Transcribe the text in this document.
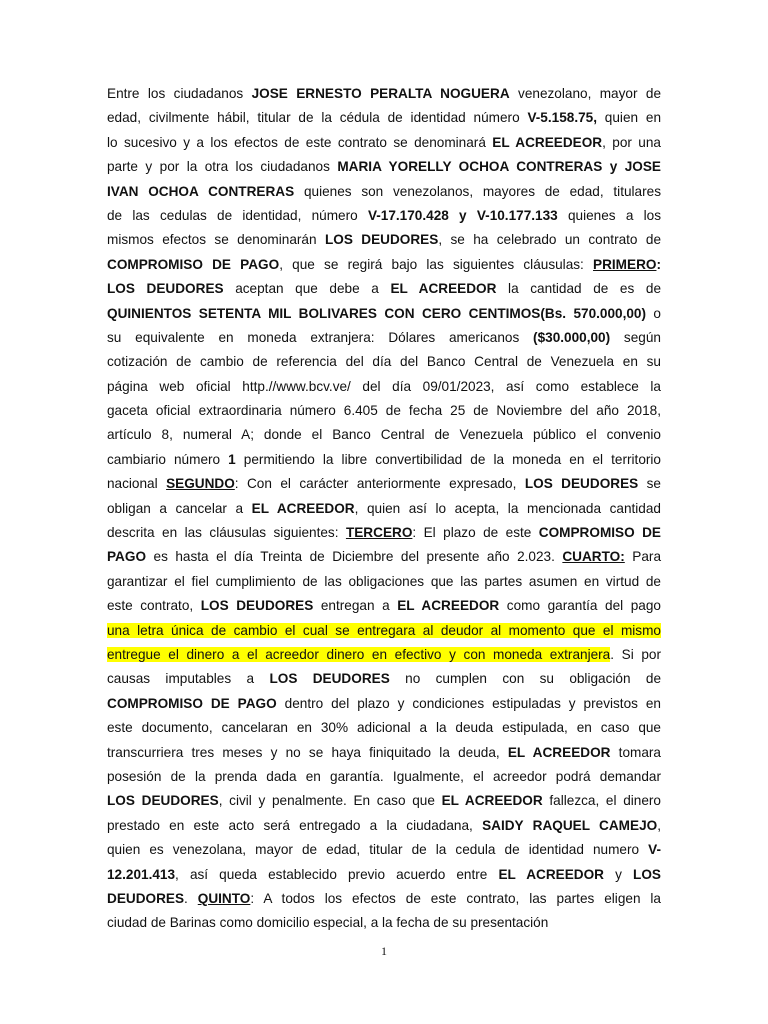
Entre los ciudadanos JOSE ERNESTO PERALTA NOGUERA venezolano, mayor de
edad, civilmente hábil, titular de la cédula de identidad número V-5.158.75, quien en
lo sucesivo y a los efectos de este contrato se denominará EL ACREEDEOR, por una
parte y por la otra los ciudadanos MARIA YORELLY OCHOA CONTRERAS y JOSE
IVAN OCHOA CONTRERAS quienes son venezolanos, mayores de edad, titulares
de las cedulas de identidad, número V-17.170.428 y V-10.177.133 quienes a los
mismos efectos se denominarán LOS DEUDORES, se ha celebrado un contrato de
COMPROMISO DE PAGO, que se regirá bajo las siguientes cláusulas: PRIMERO:
LOS DEUDORES aceptan que debe a EL ACREEDOR la cantidad de es de
QUINIENTOS SETENTA MIL BOLIVARES CON CERO CENTIMOS(Bs. 570.000,00) o
su equivalente en moneda extranjera: Dólares americanos ($30.000,00) según
cotización de cambio de referencia del día del Banco Central de Venezuela en su
página web oficial http.//www.bcv.ve/ del día 09/01/2023, así como establece la
gaceta oficial extraordinaria número 6.405 de fecha 25 de Noviembre del año 2018,
artículo 8, numeral A; donde el Banco Central de Venezuela público el convenio
cambiario número 1 permitiendo la libre convertibilidad de la moneda en el territorio
nacional SEGUNDO: Con el carácter anteriormente expresado, LOS DEUDORES se
obligan a cancelar a EL ACREEDOR, quien así lo acepta, la mencionada cantidad
descrita en las cláusulas siguientes: TERCERO: El plazo de este COMPROMISO DE
PAGO es hasta el día Treinta de Diciembre del presente año 2.023. CUARTO: Para
garantizar el fiel cumplimiento de las obligaciones que las partes asumen en virtud de
este contrato, LOS DEUDORES entregan a EL ACREEDOR como garantía del pago
una letra única de cambio el cual se entregara al deudor al momento que el mismo
entregue el dinero a el acreedor dinero en efectivo y con moneda extranjera. Si por
causas imputables a LOS DEUDORES no cumplen con su obligación de
COMPROMISO DE PAGO dentro del plazo y condiciones estipuladas y previstos en
este documento, cancelaran en 30% adicional a la deuda estipulada, en caso que
transcurriera tres meses y no se haya finiquitado la deuda, EL ACREEDOR tomara
posesión de la prenda dada en garantía. Igualmente, el acreedor podrá demandar
LOS DEUDORES, civil y penalmente. En caso que EL ACREEDOR fallezca, el dinero
prestado en este acto será entregado a la ciudadana, SAIDY RAQUEL CAMEJO,
quien es venezolana, mayor de edad, titular de la cedula de identidad numero V-
12.201.413, así queda establecido previo acuerdo entre EL ACREEDOR y LOS
DEUDORES. QUINTO: A todos los efectos de este contrato, las partes eligen la
ciudad de Barinas como domicilio especial, a la fecha de su presentación
1
